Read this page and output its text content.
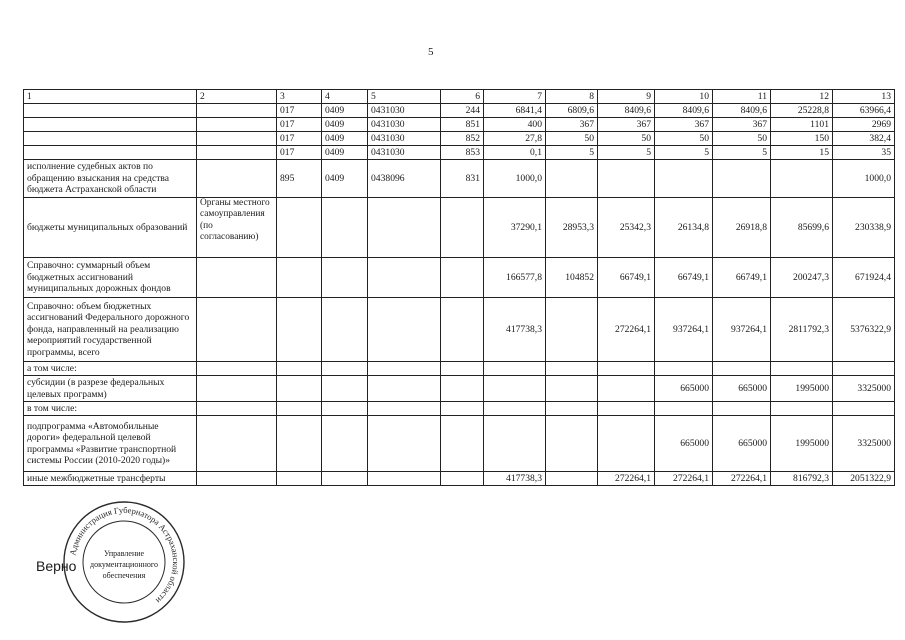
5
1	2	3	4	5	6	7	8	9	10	11	12	13
		017	0409	0431030	244	6841,4	6809,6	8409,6	8409,6	8409,6	25228,8	63966,4
		017	0409	0431030	851	400	367	367	367	367	1101	2969
		017	0409	0431030	852	27,8	50	50	50	50	150	382,4
		017	0409	0431030	853	0,1	5	5	5	5	15	35
исполнение судебных актов по обращению взыскания на средства бюджета Астраханской области		895	0409	0438096	831	1000,0						1000,0
бюджеты муниципальных образований	Органы местного самоуправления (по согласованию)					37290,1	28953,3	25342,3	26134,8	26918,8	85699,6	230338,9
Справочно: суммарный объем бюджетных ассигнований муниципальных дорожных фондов						166577,8	104852	66749,1	66749,1	66749,1	200247,3	671924,4
Справочно: объем бюджетных ассигнований Федерального дорожного фонда, направленный на реализацию мероприятий государственной программы, всего						417738,3		272264,1	937264,1	937264,1	2811792,3	5376322,9
а том числе:												
субсидии (в разрезе федеральных целевых программ)									665000	665000	1995000	3325000
в том числе:												
подпрограмма «Автомобильные дороги» федеральной целевой программы «Развитие транспортной системы России (2010-2020 годы)»									665000	665000	1995000	3325000
иные межбюджетные трансферты						417738,3		272264,1	272264,1	272264,1	816792,3	2051322,9
Администрация Губернатора Астраханской области
Управление
документационного
обеспечения
Верно
